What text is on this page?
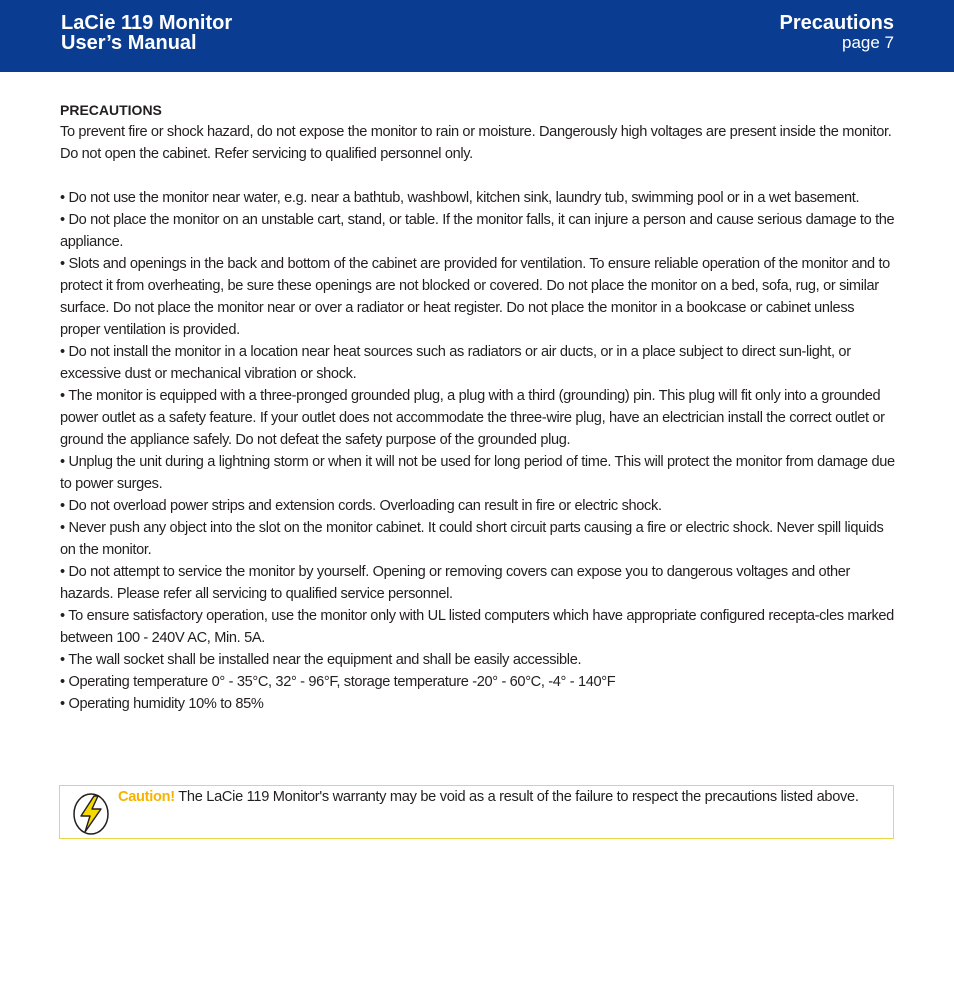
LaCie 119 Monitor
User’s Manual
Precautions
page 7
PRECAUTIONS
To prevent fire or shock hazard, do not expose the monitor to rain or moisture. Dangerously high voltages are present inside the monitor. Do not open the cabinet. Refer servicing to qualified personnel only.
• Do not use the monitor near water, e.g. near a bathtub, washbowl, kitchen sink, laundry tub, swimming pool or in a wet basement.
• Do not place the monitor on an unstable cart, stand, or table. If the monitor falls, it can injure a person and cause serious damage to the appliance.
• Slots and openings in the back and bottom of the cabinet are provided for ventilation. To ensure reliable operation of the monitor and to protect it from overheating, be sure these openings are not blocked or covered. Do not place the monitor on a bed, sofa, rug, or similar surface. Do not place the monitor near or over a radiator or heat register. Do not place the monitor in a bookcase or cabinet unless proper ventilation is provided.
• Do not install the monitor in a location near heat sources such as radiators or air ducts, or in a place subject to direct sun-light, or excessive dust or mechanical vibration or shock.
• The monitor is equipped with a three-pronged grounded plug, a plug with a third (grounding) pin. This plug will fit only into a grounded power outlet as a safety feature. If your outlet does not accommodate the three-wire plug, have an electrician install the correct outlet or ground the appliance safely. Do not defeat the safety purpose of the grounded plug.
• Unplug the unit during a lightning storm or when it will not be used for long period of time. This will protect the monitor from damage due to power surges.
• Do not overload power strips and extension cords. Overloading can result in fire or electric shock.
• Never push any object into the slot on the monitor cabinet. It could short circuit parts causing a fire or electric shock. Never spill liquids on the monitor.
• Do not attempt to service the monitor by yourself. Opening or removing covers can expose you to dangerous voltages and other hazards. Please refer all servicing to qualified service personnel.
• To ensure satisfactory operation, use the monitor only with UL listed computers which have appropriate configured recepta-cles marked between 100 - 240V AC, Min. 5A.
• The wall socket shall be installed near the equipment and shall be easily accessible.
• Operating temperature 0° - 35°C, 32° - 96°F, storage temperature -20° - 60°C, -4° - 140°F
• Operating humidity 10% to 85%
Caution! The LaCie 119 Monitor's warranty may be void as a result of the failure to respect the precautions listed above.
